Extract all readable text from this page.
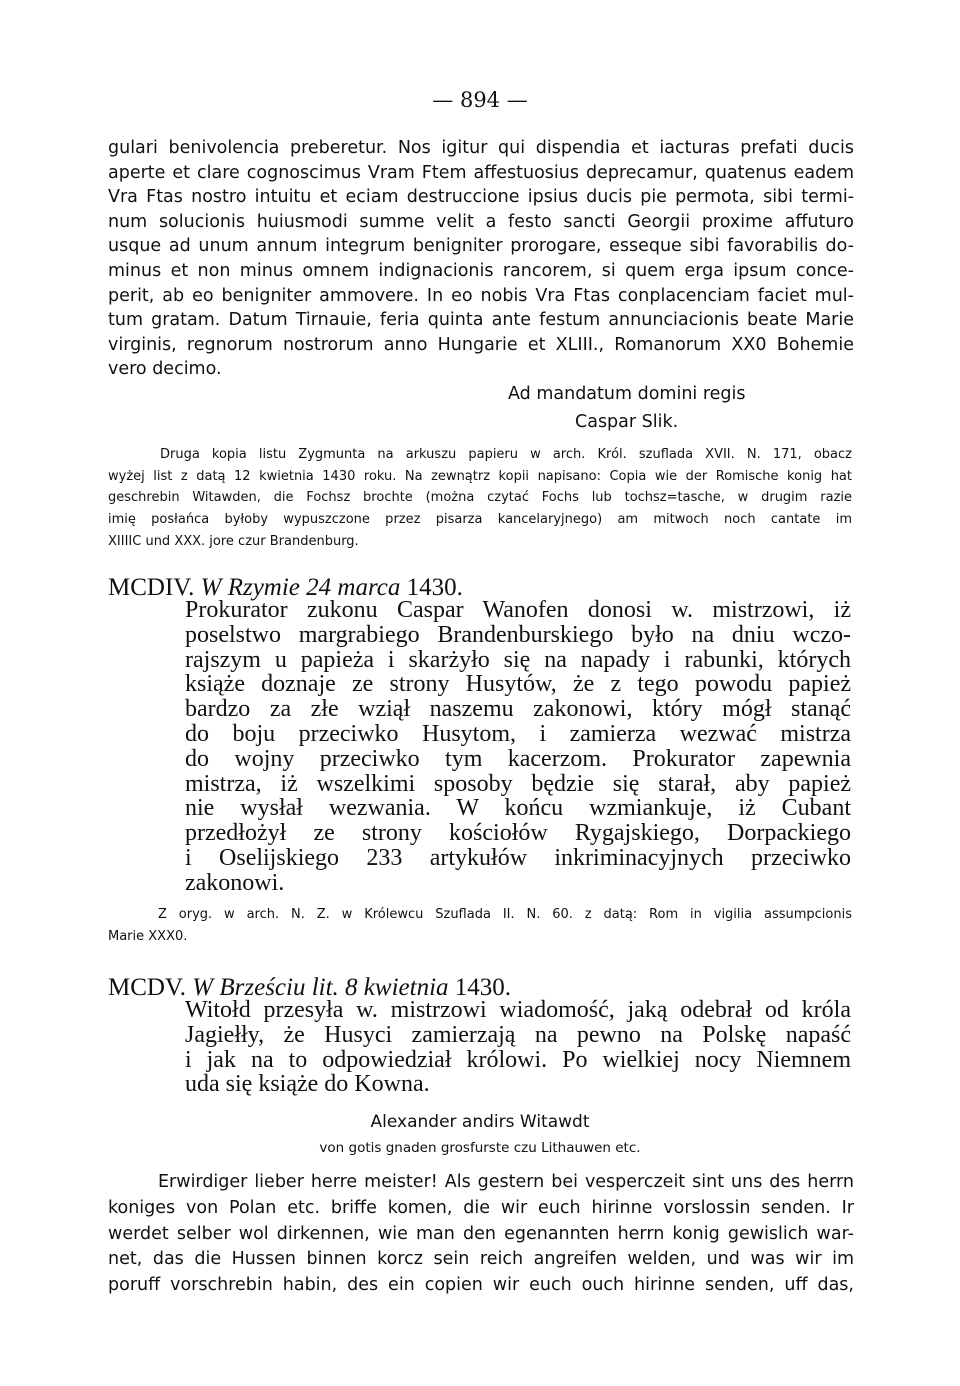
— 894 —
gulari benivolencia preberetur. Nos igitur qui dispendia et iacturas prefati ducis
aperte et clare cognoscimus Vram Ftem affestuosius deprecamur, quatenus eadem
Vra Ftas nostro intuitu et eciam destruccione ipsius ducis pie permota, sibi termi-
num solucionis huiusmodi summe velit a festo sancti Georgii proxime affuturo
usque ad unum annum integrum benigniter prorogare, esseque sibi favorabilis do-
minus et non minus omnem indignacionis rancorem, si quem erga ipsum conce-
perit, ab eo benigniter ammovere. In eo nobis Vra Ftas conplacenciam faciet mul-
tum gratam. Datum Tirnauie, feria quinta ante festum annunciacionis beate Marie
virginis, regnorum nostrorum anno Hungarie et XLIII., Romanorum XX0 Bohemie
vero decimo.
Ad mandatum domini regis
Caspar Slik.
Druga kopia listu Zygmunta na arkuszu papieru w arch. Król. szuflada XVII. N. 171, obacz
wyżej list z datą 12 kwietnia 1430 roku. Na zewnątrz kopii napisano: Copia wie der Romische konig hat
geschrebin Witawden, die Fochsz brochte (można czytać Fochs lub tochsz=tasche, w drugim razie
imię posłańca byłoby wypuszczone przez pisarza kancelaryjnego) am mitwoch noch cantate im
XIIIIC und XXX. jore czur Brandenburg.
MCDIV. W Rzymie 24 marca 1430.
Prokurator zukonu Caspar Wanofen donosi w. mistrzowi, iż
poselstwo margrabiego Brandenburskiego było na dniu wczo-
rajszym u papieża i skarżyło się na napady i rabunki, których
książe doznaje ze strony Husytów, że z tego powodu papież
bardzo za złe wziął naszemu zakonowi, który mógł stanąć
do boju przeciwko Husytom, i zamierza wezwać mistrza
do wojny przeciwko tym kacerzom. Prokurator zapewnia
mistrza, iż wszelkimi sposoby będzie się starał, aby papież
nie wysłał wezwania. W końcu wzmiankuje, iż Cubant
przedłożył ze strony kościołów Rygajskiego, Dorpackiego
i Oselijskiego 233 artykułów inkriminacyjnych przeciwko
zakonowi.
Z oryg. w arch. N. Z. w Królewcu Szuflada II. N. 60. z datą: Rom in vigilia assumpcionis
Marie XXX0.
MCDV. W Brześciu lit. 8 kwietnia 1430.
Witołd przesyła w. mistrzowi wiadomość, jaką odebrał od króla
Jagiełły, że Husyci zamierzają na pewno na Polskę napaść
i jak na to odpowiedział królowi. Po wielkiej nocy Niemnem
uda się książe do Kowna.
Alexander andirs Witawdt
von gotis gnaden grosfurste czu Lithauwen etc.
Erwirdiger lieber herre meister! Als gestern bei vesperczeit sint uns des herrn
koniges von Polan etc. briffe komen, die wir euch hirinne vorslossin senden. Ir
werdet selber wol dirkennen, wie man den egenannten herrn konig gewislich war-
net, das die Hussen binnen korcz sein reich angreifen welden, und was wir im
poruff vorschrebin habin, des ein copien wir euch ouch hirinne senden, uff das,
